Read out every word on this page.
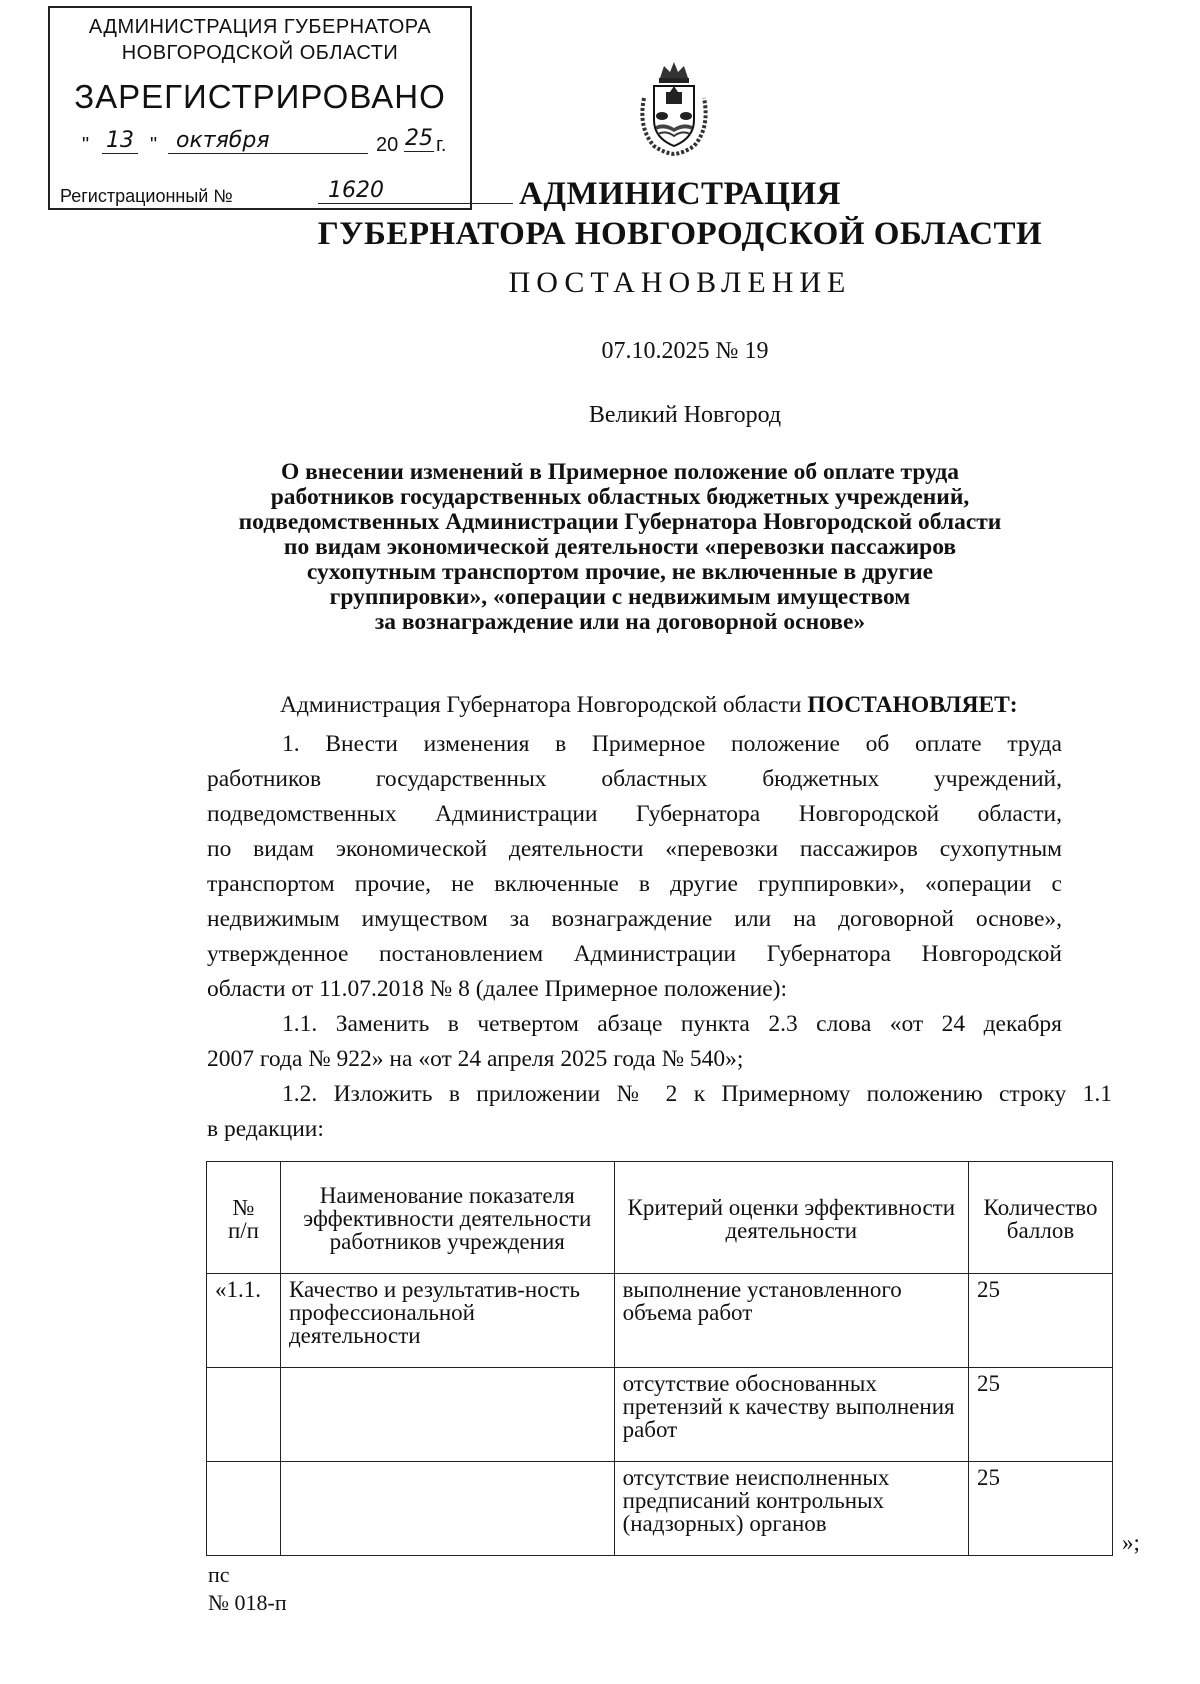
АДМИНИСТРАЦИЯ ГУБЕРНАТОРА
НОВГОРОДСКОЙ ОБЛАСТИ
ЗАРЕГИСТРИРОВАНО
" 13 " октября	20 25 г.
Регистрационный №	1620	АДМИНИСТРАЦИЯ
ГУБЕРНАТОРА НОВГОРОДСКОЙ ОБЛАСТИ
ПОСТАНОВЛЕНИЕ
07.10.2025 № 19
Великий Новгород
О внесении изменений в Примерное положение об оплате труда
работников государственных областных бюджетных учреждений,
подведомственных Администрации Губернатора Новгородской области
по видам экономической деятельности «перевозки пассажиров
сухопутным транспортом прочие, не включенные в другие
группировки», «операции с недвижимым имуществом
за вознаграждение или на договорной основе»
Администрация Губернатора Новгородской области ПОСТАНОВЛЯЕТ:
1. Внести изменения в Примерное положение об оплате труда
работников государственных областных бюджетных учреждений,
подведомственных Администрации Губернатора Новгородской области,
по видам экономической деятельности «перевозки пассажиров сухопутным
транспортом прочие, не включенные в другие группировки», «операции с
недвижимым имуществом за вознаграждение или на договорной основе»,
утвержденное постановлением Администрации Губернатора Новгородской
области от 11.07.2018 № 8 (далее Примерное положение):
1.1. Заменить в четвертом абзаце пункта 2.3 слова «от 24 декабря
2007 года № 922» на «от 24 апреля 2025 года № 540»;
1.2. Изложить в приложении № 2 к Примерному положению строку 1.1
в редакции:
№
п/п	Наименование показателя эффективности деятельности работников учреждения	Критерий оценки эффективности деятельности	Количество баллов
«1.1.	Качество и результатив-ность профессиональной деятельности	выполнение установленного объема работ	25
		отсутствие обоснованных претензий к качеству выполнения работ	25
		отсутствие неисполненных предписаний контрольных (надзорных) органов	25
»;
пс
№ 018-п
